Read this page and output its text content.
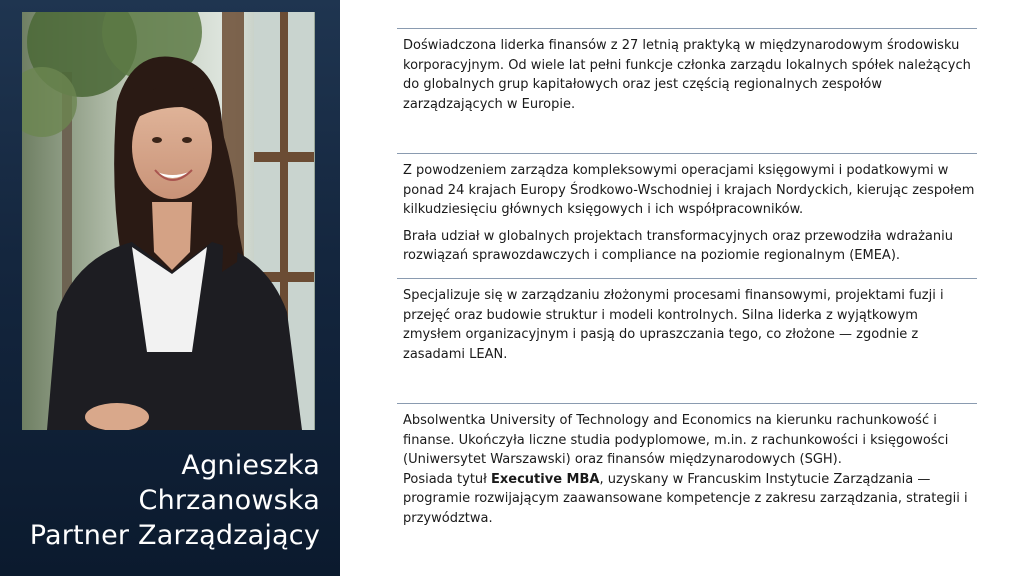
Agnieszka
Chrzanowska
Partner Zarządzający

Doświadczona liderka finansów z 27 letnią praktyką w międzynarodowym środowisku korporacyjnym. Od wiele lat pełni funkcje członka zarządu lokalnych spółek należących do globalnych grup kapitałowych oraz jest częścią regionalnych zespołów zarządzających w Europie.

Z powodzeniem zarządza kompleksowymi operacjami księgowymi i podatkowymi w ponad 24 krajach Europy Środkowo-Wschodniej i krajach Nordyckich, kierując zespołem kilkudziesięciu głównych księgowych i ich współpracowników.

Brała udział w globalnych projektach transformacyjnych oraz przewodziła wdrażaniu rozwiązań sprawozdawczych i compliance na poziomie regionalnym (EMEA).

Specjalizuje się w zarządzaniu złożonymi procesami finansowymi, projektami fuzji i przejęć oraz budowie struktur i modeli kontrolnych. Silna liderka z wyjątkowym zmysłem organizacyjnym i pasją do upraszczania tego, co złożone — zgodnie z zasadami LEAN.

Absolwentka University of Technology and Economics na kierunku rachunkowość i finanse. Ukończyła liczne studia podyplomowe, m.in. z rachunkowości i księgowości (Uniwersytet Warszawski) oraz finansów międzynarodowych (SGH).
Posiada tytuł Executive MBA, uzyskany w Francuskim Instytucie Zarządzania — programie rozwijającym zaawansowane kompetencje z zakresu zarządzania, strategii i przywództwa.
